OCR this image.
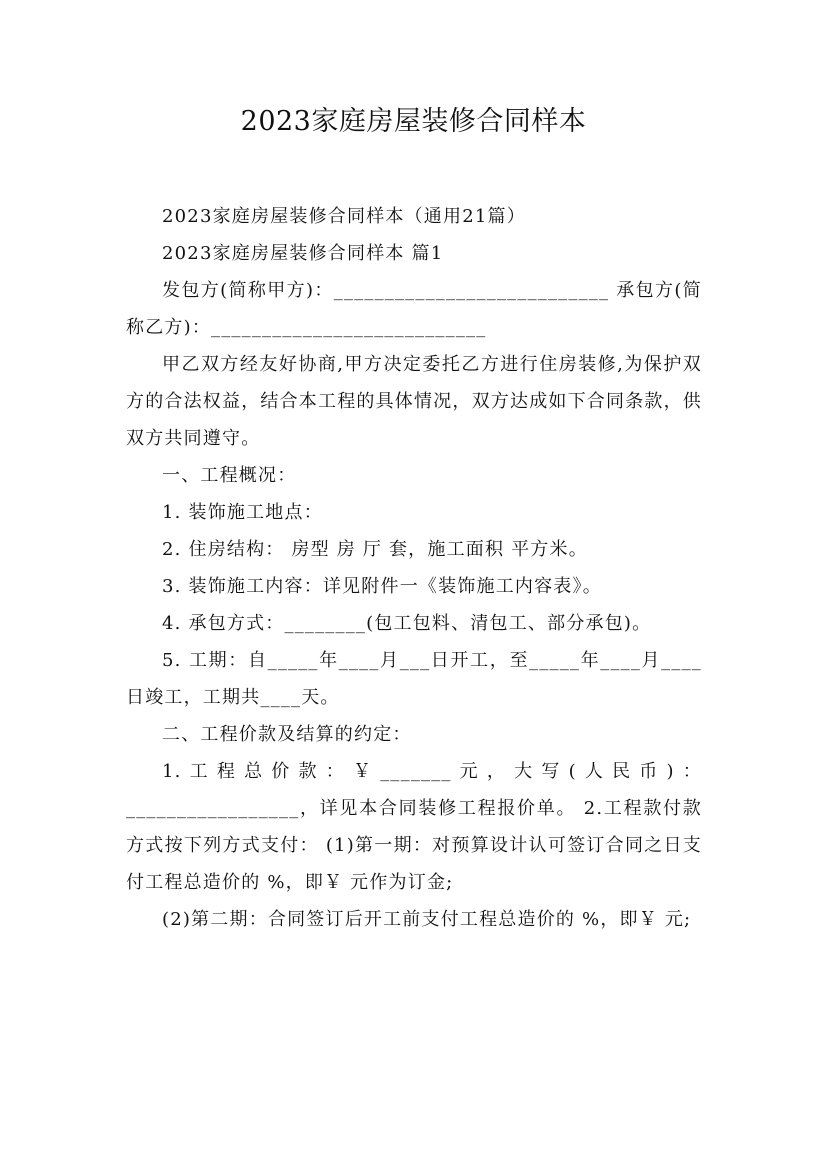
2023家庭房屋装修合同样本

2023家庭房屋装修合同样本（通用21篇）

2023家庭房屋装修合同样本 篇1

发包方(简称甲方)：___________________________ 承包方(简称乙方)：___________________________

甲乙双方经友好协商,甲方决定委托乙方进行住房装修,为保护双方的合法权益，结合本工程的具体情况，双方达成如下合同条款，供双方共同遵守。

一、工程概况：

1. 装饰施工地点：

2. 住房结构： 房型 房 厅 套，施工面积 平方米。

3. 装饰施工内容：详见附件一《装饰施工内容表》。

4. 承包方式：________(包工包料、清包工、部分承包)。

5. 工期：自_____年____月___日开工，至_____年____月____日竣工，工期共____天。

二、工程价款及结算的约定：

1.工程总价款：￥_______元，大写(人民币)：_________________，详见本合同装修工程报价单。 2.工程款付款方式按下列方式支付： (1)第一期：对预算设计认可签订合同之日支付工程总造价的 %，即￥ 元作为订金;

(2)第二期：合同签订后开工前支付工程总造价的 %，即￥ 元;
